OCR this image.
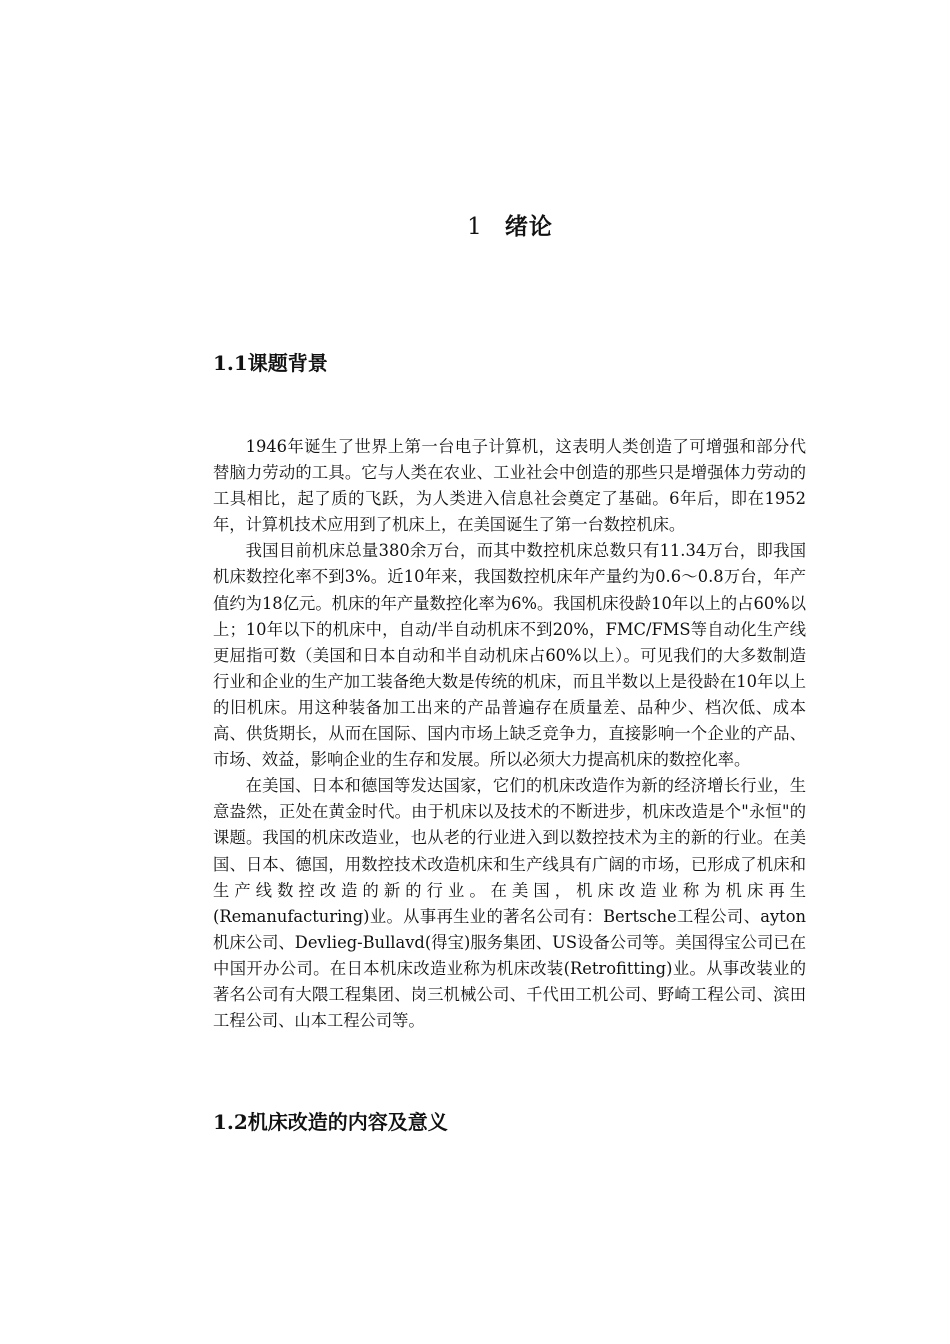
1 绪论
1.1课题背景

1946年诞生了世界上第一台电子计算机，这表明人类创造了可增强和部分代替脑力劳动的工具。它与人类在农业、工业社会中创造的那些只是增强体力劳动的工具相比，起了质的飞跃，为人类进入信息社会奠定了基础。6年后，即在1952年，计算机技术应用到了机床上，在美国诞生了第一台数控机床。

我国目前机床总量380余万台，而其中数控机床总数只有11.34万台，即我国机床数控化率不到3%。近10年来，我国数控机床年产量约为0.6～0.8万台，年产值约为18亿元。机床的年产量数控化率为6%。我国机床役龄10年以上的占60%以上；10年以下的机床中，自动/半自动机床不到20%，FMC/FMS等自动化生产线更屈指可数（美国和日本自动和半自动机床占60%以上）。可见我们的大多数制造行业和企业的生产加工装备绝大数是传统的机床，而且半数以上是役龄在10年以上的旧机床。用这种装备加工出来的产品普遍存在质量差、品种少、档次低、成本高、供货期长，从而在国际、国内市场上缺乏竞争力，直接影响一个企业的产品、市场、效益，影响企业的生存和发展。所以必须大力提高机床的数控化率。

在美国、日本和德国等发达国家，它们的机床改造作为新的经济增长行业，生意盎然，正处在黄金时代。由于机床以及技术的不断进步，机床改造是个"永恒"的课题。我国的机床改造业，也从老的行业进入到以数控技术为主的新的行业。在美国、日本、德国，用数控技术改造机床和生产线具有广阔的市场，已形成了机床和生产线数控改造的新的行业。在美国，机床改造业称为机床再生(Remanufacturing)业。从事再生业的著名公司有：Bertsche工程公司、ayton机床公司、Devlieg-Bullavd(得宝)服务集团、US设备公司等。美国得宝公司已在中国开办公司。在日本机床改造业称为机床改装(Retrofitting)业。从事改装业的著名公司有大隈工程集团、岗三机械公司、千代田工机公司、野崎工程公司、滨田工程公司、山本工程公司等。

1.2机床改造的内容及意义
